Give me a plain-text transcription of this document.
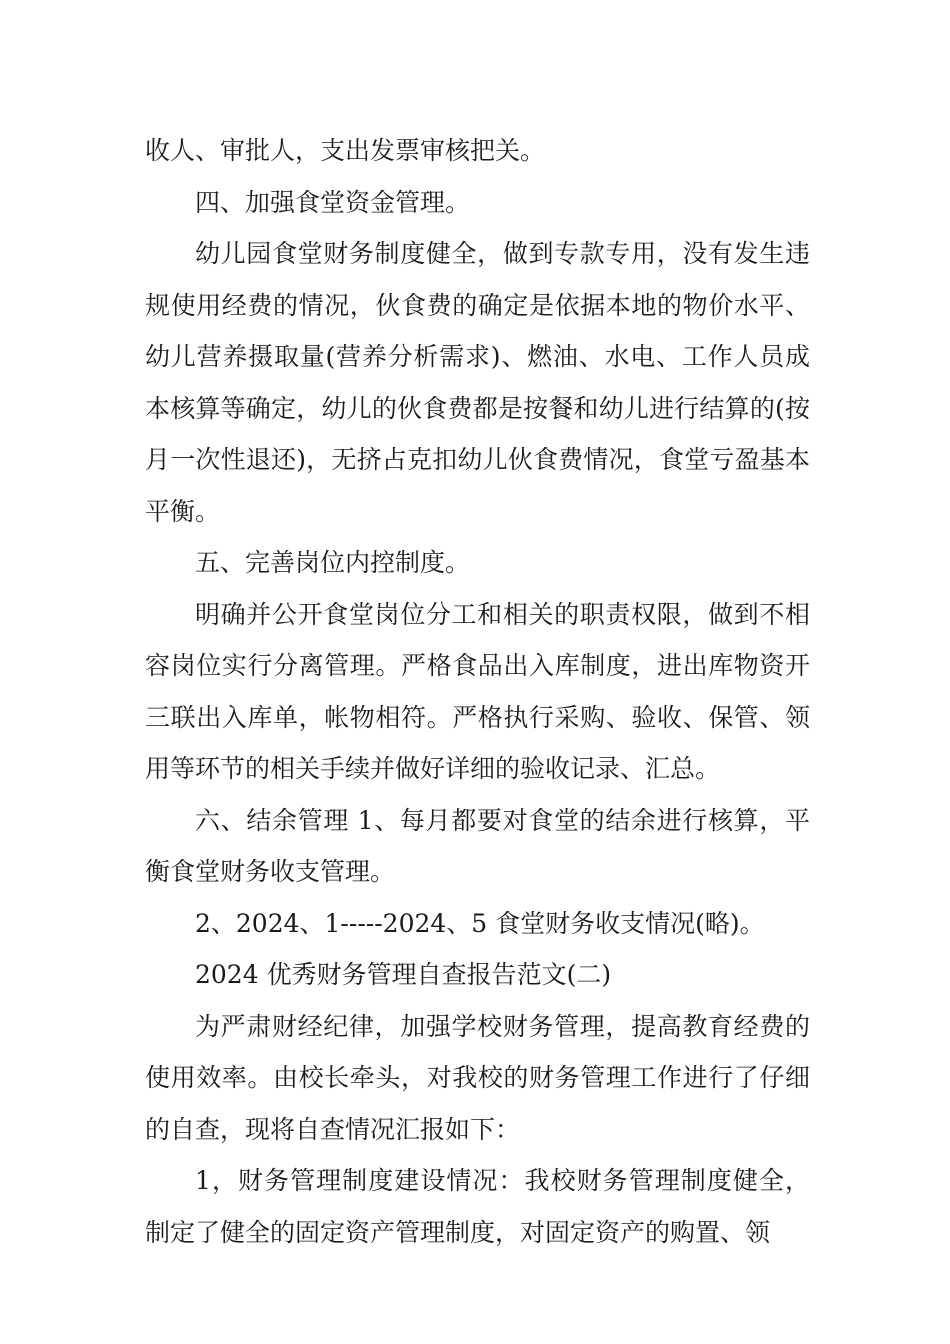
收人、审批人，支出发票审核把关。

四、加强食堂资金管理。

幼儿园食堂财务制度健全，做到专款专用，没有发生违规使用经费的情况，伙食费的确定是依据本地的物价水平、幼儿营养摄取量(营养分析需求)、燃油、水电、工作人员成本核算等确定，幼儿的伙食费都是按餐和幼儿进行结算的(按月一次性退还)，无挤占克扣幼儿伙食费情况，食堂亏盈基本平衡。

五、完善岗位内控制度。

明确并公开食堂岗位分工和相关的职责权限，做到不相容岗位实行分离管理。严格食品出入库制度，进出库物资开三联出入库单，帐物相符。严格执行采购、验收、保管、领用等环节的相关手续并做好详细的验收记录、汇总。

六、结余管理 1、每月都要对食堂的结余进行核算，平衡食堂财务收支管理。

2、2024、1-----2024、5 食堂财务收支情况(略)。

2024 优秀财务管理自查报告范文(二)

为严肃财经纪律，加强学校财务管理，提高教育经费的使用效率。由校长牵头，对我校的财务管理工作进行了仔细的自查，现将自查情况汇报如下：

1，财务管理制度建设情况：我校财务管理制度健全，制定了健全的固定资产管理制度，对固定资产的购置、领
